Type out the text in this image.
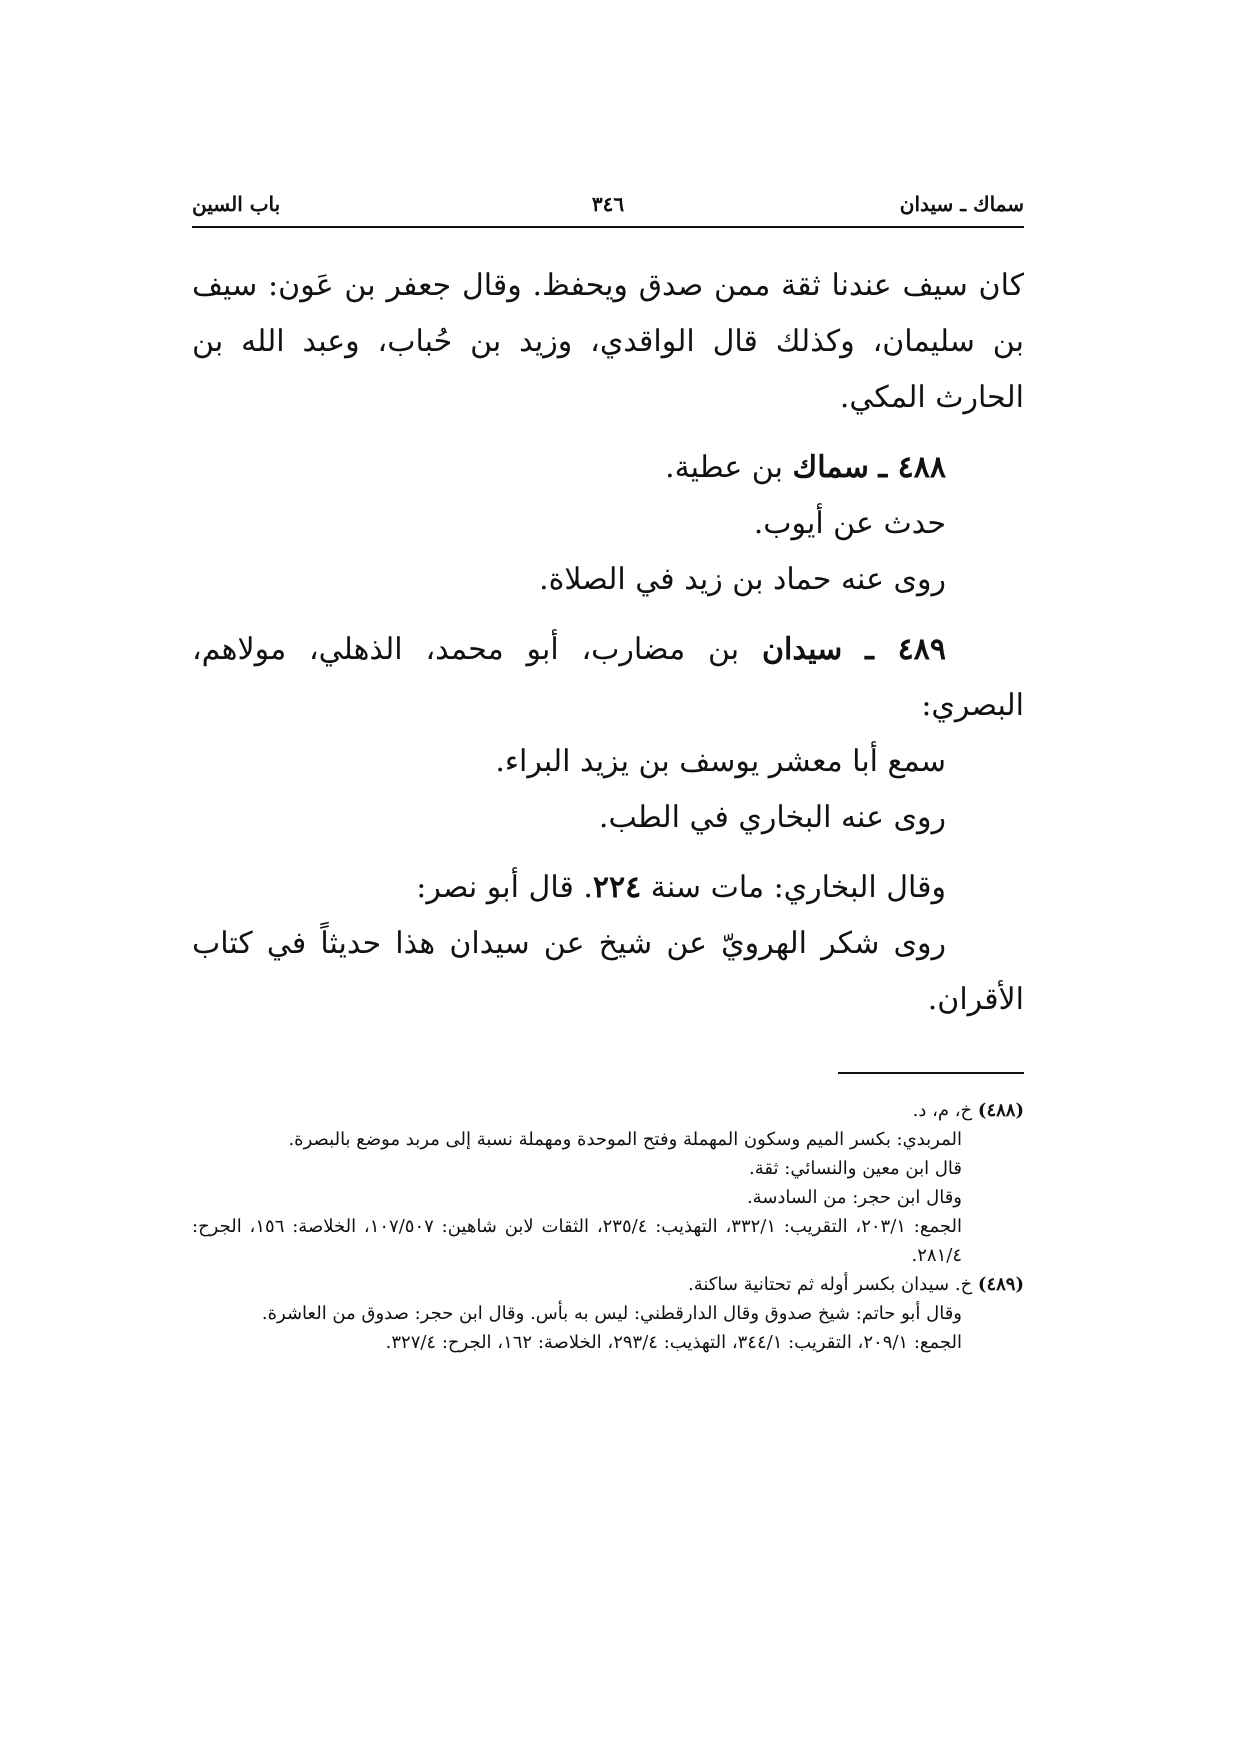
سماك ـ سيدان
٣٤٦
باب السين

كان سيف عندنا ثقة ممن صدق ويحفظ. وقال جعفر بن عَون: سيف بن سليمان، وكذلك قال الواقدي، وزيد بن حُباب، وعبد الله بن الحارث المكي.

٤٨٨ ـ سماك بن عطية.

حدث عن أيوب.

روى عنه حماد بن زيد في الصلاة.

٤٨٩ ـ سيدان بن مضارب، أبو محمد، الذهلي، مولاهم، البصري:

سمع أبا معشر يوسف بن يزيد البراء.

روى عنه البخاري في الطب.

وقال البخاري: مات سنة ٢٢٤. قال أبو نصر:

روى شكر الهرويّ عن شيخ عن سيدان هذا حديثاً في كتاب الأقران.

(٤٨٨) خ، م، د.

المربدي: بكسر الميم وسكون المهملة وفتح الموحدة ومهملة نسبة إلى مربد موضع بالبصرة.

قال ابن معين والنسائي: ثقة.

وقال ابن حجر: من السادسة.

الجمع: ٢٠٣/١، التقريب: ٣٣٢/١، التهذيب: ٢٣٥/٤، الثقات لابن شاهين: ١٠٧/٥٠٧، الخلاصة: ١٥٦، الجرح: ٢٨١/٤.

(٤٨٩) خ. سيدان بكسر أوله ثم تحتانية ساكنة.

وقال أبو حاتم: شيخ صدوق وقال الدارقطني: ليس به بأس. وقال ابن حجر: صدوق من العاشرة.

الجمع: ٢٠٩/١، التقريب: ٣٤٤/١، التهذيب: ٢٩٣/٤، الخلاصة: ١٦٢، الجرح: ٣٢٧/٤.
